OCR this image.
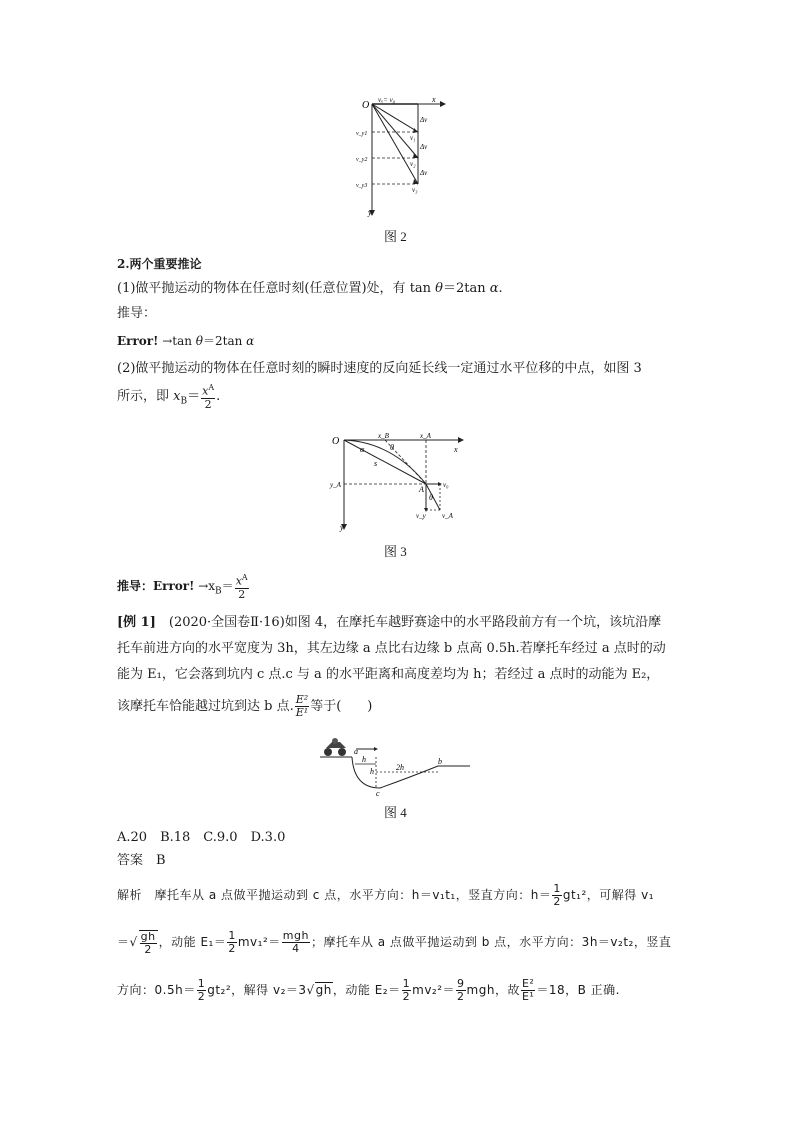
O vₓ= v₀	x
y
v_y1
v_y2
v_y3
Δv
Δv
Δv
v₁
v₂
v₃
图 2
2.两个重要推论
(1)做平抛运动的物体在任意时刻(任意位置)处，有 tan θ＝2tan α.
推导：
Error! →tan θ＝2tan α
(2)做平抛运动的物体在任意时刻的瞬时速度的反向延长线一定通过水平位移的中点，如图 3
所示，即 $x_B= \frac{x^A}{2}$ .
O	x_B	x_A
x
θ
α
s
A	v₀
y_A
θ
v_y v_A
y
图 3
推导：Error! $\to x_B= \frac{x^A}{2}$
[例 1]　 (2020·全国卷Ⅱ·16)如图 4，在摩托车越野赛途中的水平路段前方有一个坑，该坑沿摩
托车前进方向的水平宽度为 3h，其左边缘 a 点比右边缘 b 点高 0.5h.若摩托车经过 a 点时的动
能为 E₁，它会落到坑内 c 点.c 与 a 的水平距离和高度差均为 h；若经过 a 点时的动能为 E₂，
该摩托车恰能越过坑到达 b 点. $\frac{\text{E²}}{\text{E¹}}$ 等于(　　)
a
h
h	2h
b
c
图 4
A.20　B.18　C.9.0　D.3.0
答案　B
解析　摩托车从 a 点做平抛运动到 c 点，水平方向：h＝v₁t₁，竖直方向：$h= \frac{1}{2} gt_1^2$，可解得 v₁
＝√ $\frac{gh}{2}$ ，动能 $E_1= \frac{1}{2} mv_1^2= \frac{\text{mgh}}{4}$ ；摩托车从 a 点做平抛运动到 b 点，水平方向：3h＝v₂t₂，竖直
方向：$0.5h= \frac{1}{2} gt_2^2$，解得 v₂＝3√gh，动能 $E_2= \frac{1}{2} mv_2^2= \frac{9}{2}$ mgh，故 $\frac{\text{E²}}{\text{E¹}} =18$，B 正确.
